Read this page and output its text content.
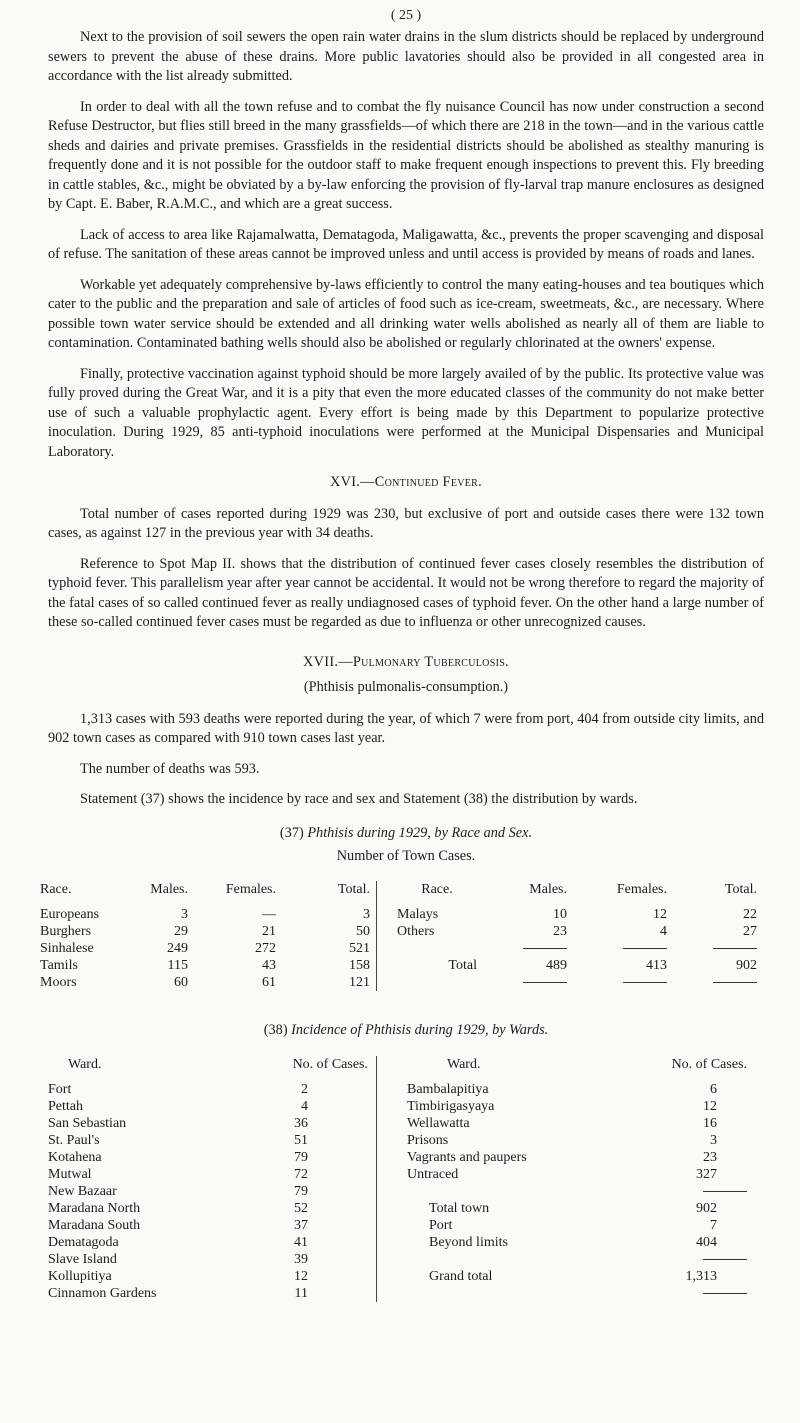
( 25 )

Next to the provision of soil sewers the open rain water drains in the slum districts should be replaced by underground sewers to prevent the abuse of these drains. More public lavatories should also be provided in all congested area in accordance with the list already submitted.

In order to deal with all the town refuse and to combat the fly nuisance Council has now under construction a second Refuse Destructor, but flies still breed in the many grassfields—of which there are 218 in the town—and in the various cattle sheds and dairies and private premises. Grassfields in the residential districts should be abolished as stealthy manuring is frequently done and it is not possible for the outdoor staff to make frequent enough inspections to prevent this. Fly breeding in cattle stables, &c., might be obviated by a by-law enforcing the provision of fly-larval trap manure enclosures as designed by Capt. E. Baber, R.A.M.C., and which are a great success.

Lack of access to area like Rajamalwatta, Dematagoda, Maligawatta, &c., prevents the proper scavenging and disposal of refuse. The sanitation of these areas cannot be improved unless and until access is provided by means of roads and lanes.

Workable yet adequately comprehensive by-laws efficiently to control the many eating-houses and tea boutiques which cater to the public and the preparation and sale of articles of food such as ice-cream, sweetmeats, &c., are necessary. Where possible town water service should be extended and all drinking water wells abolished as nearly all of them are liable to contamination. Contaminated bathing wells should also be abolished or regularly chlorinated at the owners' expense.

Finally, protective vaccination against typhoid should be more largely availed of by the public. Its protective value was fully proved during the Great War, and it is a pity that even the more educated classes of the community do not make better use of such a valuable prophylactic agent. Every effort is being made by this Department to popularize protective inoculation. During 1929, 85 anti-typhoid inoculations were performed at the Municipal Dispensaries and Municipal Laboratory.

XVI.—Continued Fever.

Total number of cases reported during 1929 was 230, but exclusive of port and outside cases there were 132 town cases, as against 127 in the previous year with 34 deaths.

Reference to Spot Map II. shows that the distribution of continued fever cases closely resembles the distribution of typhoid fever. This parallelism year after year cannot be accidental. It would not be wrong therefore to regard the majority of the fatal cases of so called continued fever as really undiagnosed cases of typhoid fever. On the other hand a large number of these so-called continued fever cases must be regarded as due to influenza or other unrecognized causes.

XVII.—Pulmonary Tuberculosis.
(Phthisis pulmonalis-consumption.)

1,313 cases with 593 deaths were reported during the year, of which 7 were from port, 404 from outside city limits, and 902 town cases as compared with 910 town cases last year.

The number of deaths was 593.

Statement (37) shows the incidence by race and sex and Statement (38) the distribution by wards.

(37) Phthisis during 1929, by Race and Sex.
Number of Town Cases.
Race.	Males.	Females.	Total.
Europeans	3	—	3
Burghers	29	21	50
Sinhalese	249	272	521
Tamils	115	43	158
Moors	60	61	121
Race.	Males.	Females.	Total.
Malays	10	12	22
Others	23	4	27

Total	489	413	902

(38) Incidence of Phthisis during 1929, by Wards.
Ward.	No. of Cases.
Fort	2
Pettah	4
San Sebastian	36
St. Paul's	51
Kotahena	79
Mutwal	72
New Bazaar	79
Maradana North	52
Maradana South	37
Dematagoda	41
Slave Island	39
Kollupitiya	12
Cinnamon Gardens	11
Ward.	No. of Cases.
Bambalapitiya	6
Timbirigasyaya	12
Wellawatta	16
Prisons	3
Vagrants and paupers	23
Untraced	327

Total town	902
Port	7
Beyond limits	404

Grand total	1,313
